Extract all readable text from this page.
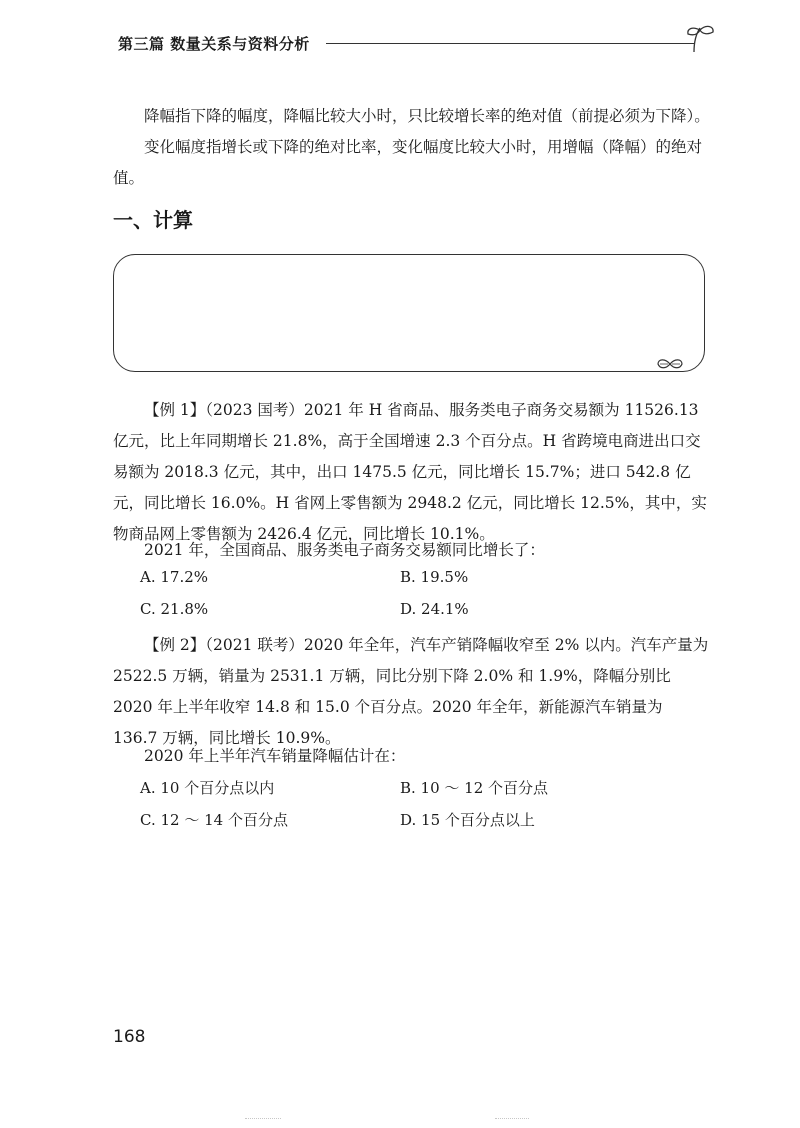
第三篇 数量关系与资料分析

降幅指下降的幅度，降幅比较大小时，只比较增长率的绝对值（前提必须为下降）。

变化幅度指增长或下降的绝对比率，变化幅度比较大小时，用增幅（降幅）的绝对值。

一、计算

【例 1】（2023 国考）2021 年 H 省商品、服务类电子商务交易额为 11526.13 亿元，比上年同期增长 21.8%，高于全国增速 2.3 个百分点。H 省跨境电商进出口交易额为 2018.3 亿元，其中，出口 1475.5 亿元，同比增长 15.7%；进口 542.8 亿元，同比增长 16.0%。H 省网上零售额为 2948.2 亿元，同比增长 12.5%，其中，实物商品网上零售额为 2426.4 亿元，同比增长 10.1%。

2021 年，全国商品、服务类电子商务交易额同比增长了：

A. 17.2%	B. 19.5%
C. 21.8%	D. 24.1%

【例 2】（2021 联考）2020 年全年，汽车产销降幅收窄至 2% 以内。汽车产量为 2522.5 万辆，销量为 2531.1 万辆，同比分别下降 2.0% 和 1.9%，降幅分别比 2020 年上半年收窄 14.8 和 15.0 个百分点。2020 年全年，新能源汽车销量为 136.7 万辆，同比增长 10.9%。

2020 年上半年汽车销量降幅估计在：

A. 10 个百分点以内	B. 10 ～ 12 个百分点
C. 12 ～ 14 个百分点	D. 15 个百分点以上
168
